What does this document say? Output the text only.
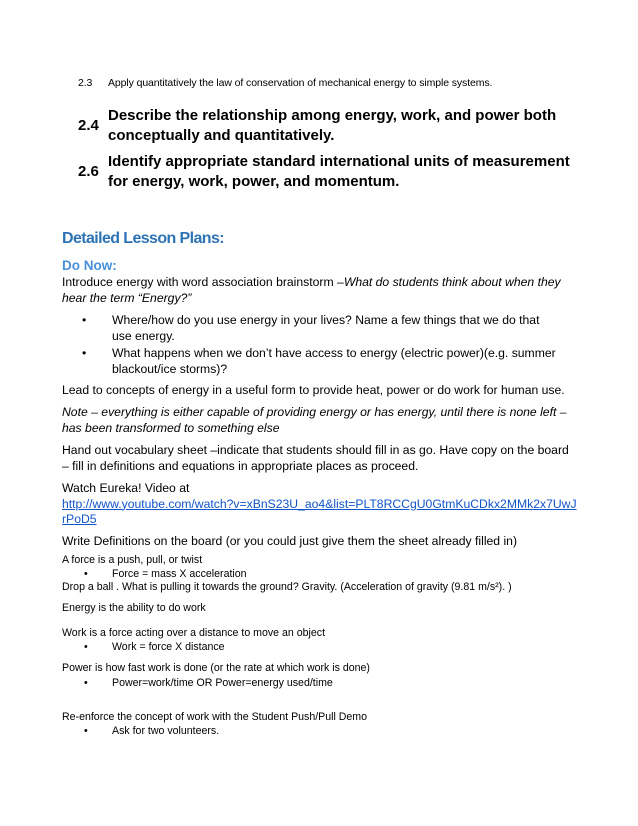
2.3 Apply quantitatively the law of conservation of mechanical energy to simple systems.
2.4
Describe the relationship among energy, work, and power both conceptually and quantitatively.
2.6
Identify appropriate standard international units of measurement for energy, work, power, and momentum.
Detailed Lesson Plans:
Do Now:
Introduce energy with word association brainstorm –What do students think about when they hear the term “Energy?”
• Where/how do you use energy in your lives? Name a few things that we do that use energy.
• What happens when we don’t have access to energy (electric power)(e.g. summer blackout/ice storms)?
Lead to concepts of energy in a useful form to provide heat, power or do work for human use.
Note – everything is either capable of providing energy or has energy, until there is none left – has been transformed to something else
Hand out vocabulary sheet –indicate that students should fill in as go. Have copy on the board – fill in definitions and equations in appropriate places as proceed.
Watch Eureka! Video at
http://www.youtube.com/watch?v=xBnS23U_ao4&list=PLT8RCCgU0GtmKuCDkx2MMk2x7UwJrPoD5
Write Definitions on the board (or you could just give them the sheet already filled in)
A force is a push, pull, or twist
• Force = mass X acceleration
Drop a ball . What is pulling it towards the ground? Gravity. (Acceleration of gravity (9.81 m/s²). )
Energy is the ability to do work
Work is a force acting over a distance to move an object
• Work = force X distance
Power is how fast work is done (or the rate at which work is done)
• Power=work/time OR Power=energy used/time
Re-enforce the concept of work with the Student Push/Pull Demo
• Ask for two volunteers.
